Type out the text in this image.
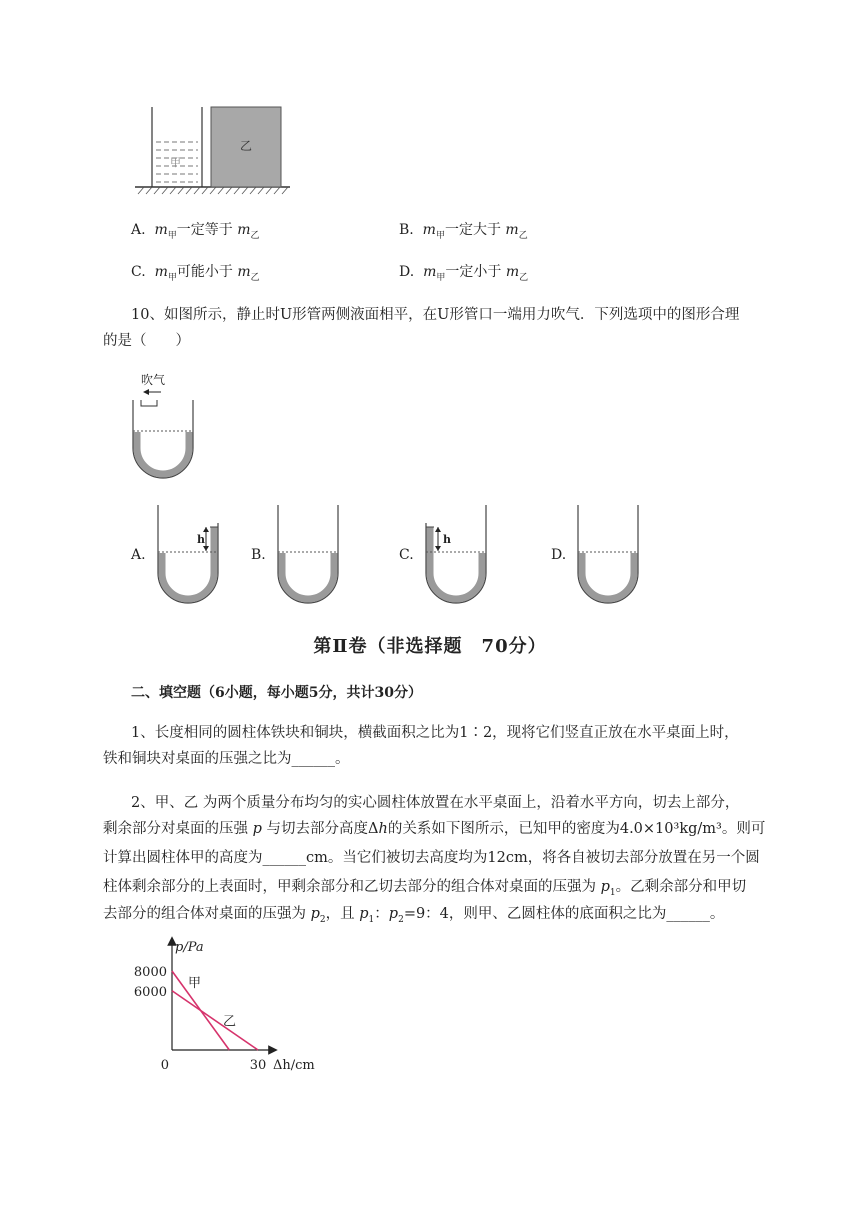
甲
乙
A. $m_甲$一定等于 $m_乙$	B. $m_甲$一定大于 $m_乙$
C. $m_甲$可能小于 $m_乙$	D. $m_甲$一定小于 $m_乙$
10、如图所示，静止时U形管两侧液面相平，在U形管口一端用力吹气．下列选项中的图形合理
的是（　　）
吹气
A.
h
B.	C.
h
D.
第Ⅱ卷（非选择题　70分）
二、填空题（6小题，每小题5分，共计30分）
1、长度相同的圆柱体铁块和铜块，横截面积之比为1∶2，现将它们竖直正放在水平桌面上时，
铁和铜块对桌面的压强之比为______。
2、甲、乙 为两个质量分布均匀的实心圆柱体放置在水平桌面上，沿着水平方向，切去上部分，
剩余部分对桌面的压强 p 与切去部分高度Δh的关系如下图所示，已知甲的密度为4.0×10³kg/m³。则可
计算出圆柱体甲的高度为______cm。当它们被切去高度均为12cm，将各自被切去部分放置在另一个圆
柱体剩余部分的上表面时，甲剩余部分和乙切去部分的组合体对桌面的压强为 $p_1$。乙剩余部分和甲切
去部分的组合体对桌面的压强为 $p_2$，且 $p_1$：$p_2=9$：4，则甲、乙圆柱体的底面积之比为______。
p/Pa
Δh/cm
8000
6000
0	30
甲
乙
